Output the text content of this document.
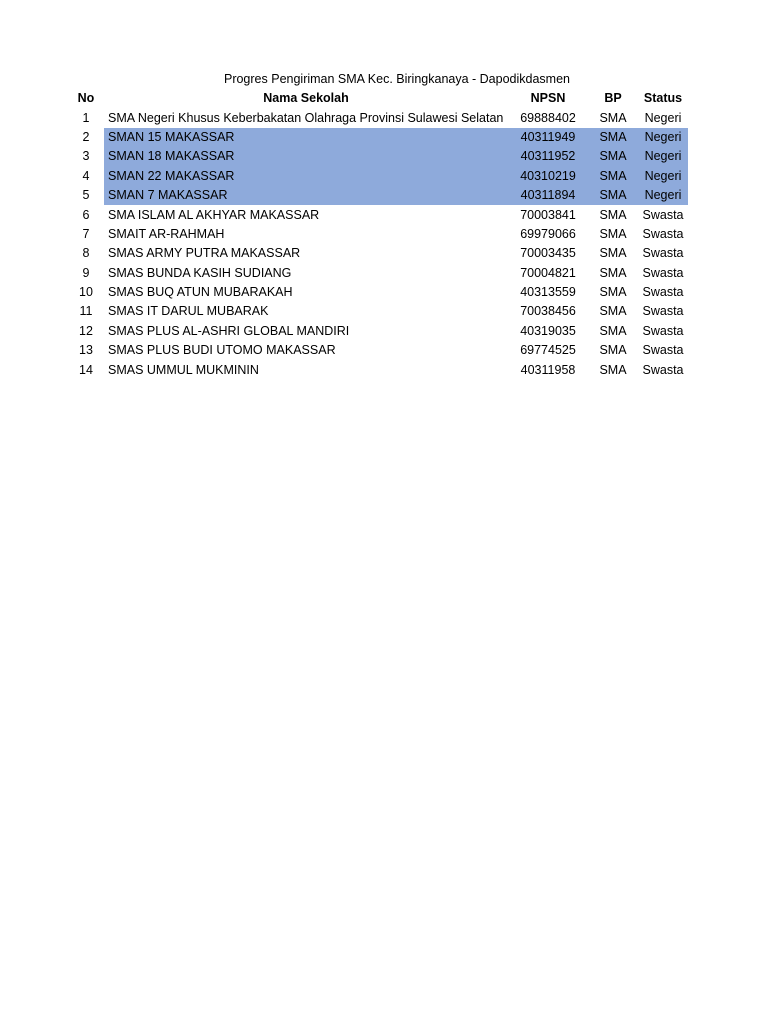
Progres Pengiriman SMA Kec. Biringkanaya - Dapodikdasmen
No	Nama Sekolah	NPSN	BP	Status
1	SMA Negeri Khusus Keberbakatan Olahraga Provinsi Sulawesi Selatan	69888402	SMA	Negeri
2	SMAN 15 MAKASSAR	40311949	SMA	Negeri
3	SMAN 18 MAKASSAR	40311952	SMA	Negeri
4	SMAN 22 MAKASSAR	40310219	SMA	Negeri
5	SMAN 7 MAKASSAR	40311894	SMA	Negeri
6	SMA ISLAM AL AKHYAR MAKASSAR	70003841	SMA	Swasta
7	SMAIT AR-RAHMAH	69979066	SMA	Swasta
8	SMAS ARMY PUTRA MAKASSAR	70003435	SMA	Swasta
9	SMAS BUNDA KASIH SUDIANG	70004821	SMA	Swasta
10	SMAS BUQ ATUN MUBARAKAH	40313559	SMA	Swasta
11	SMAS IT DARUL MUBARAK	70038456	SMA	Swasta
12	SMAS PLUS AL-ASHRI GLOBAL MANDIRI	40319035	SMA	Swasta
13	SMAS PLUS BUDI UTOMO MAKASSAR	69774525	SMA	Swasta
14	SMAS UMMUL MUKMININ	40311958	SMA	Swasta
